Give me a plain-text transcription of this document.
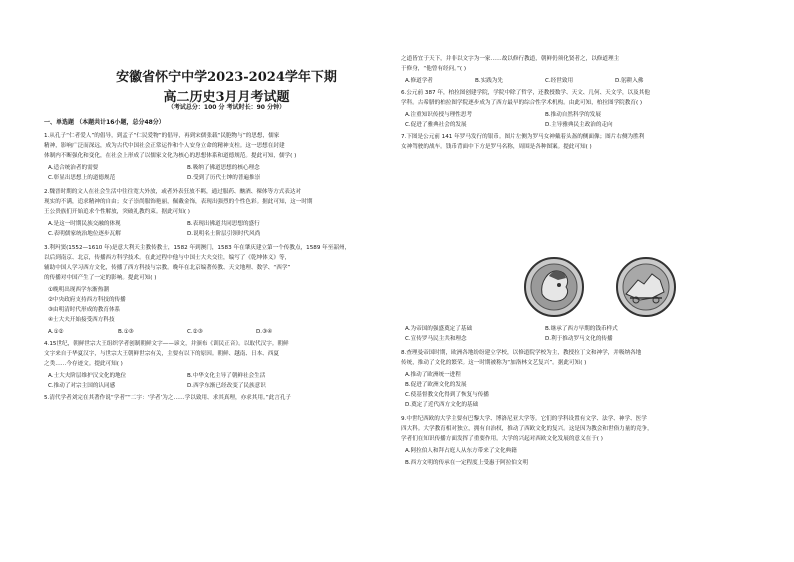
安徽省怀宁中学2023-2024学年下期
高二历史3月月考试题
（考试总分：100 分 考试时长：90 分钟）
一、单选题 （本题共计16小题，总分48分）
1.从孔子“仁者爱人”的倡导，到孟子“仁民爱物”的倡导，再到宋儒张载“民胞物与”的思想，儒家
精神，影响广泛而深远，成为古代中国社会正常运作和个人安身立命的精神支柱。这一思想在封建
体制内不断强化和变化，在社会上形成了以儒家文化为核心的思想体系和道德规范。提此可知，儒学( )
A.适合统治者的需要	B.吸纳了佛道思想的核心理念
C.彰显出思想上的道德规范	D.受到了历代士绅的普遍推崇
2.魏晋时期的文人在社会生活中往往宽大外放，或者外表狂放不羁，通过服药、酗酒、裸体等方式表达对
现实的不满，追求精神的自由；女子崇尚服饰艳丽，佩戴金饰，表现出强烈的个性色彩。据此可知，这一时期
王公贵族们开始追求个性解放，突破礼教约束。据此可知( )
A.是这一时期民族交融的体现	B.表现出佛道共同思想的盛行
C.表明儒家统治地位逐步瓦解	D.说明名士阶层引领时代风尚
3.利玛窦(1552—1610 年)是意大利天主教传教士，1582 年到澳门，1583 年在肇庆建立第一个传教点，1589 年至韶州，
以后到南京、北京，传播西方科学技术。在此过程中他与中国士大夫交往，编写了《乾坤体义》等，
辅助中国人学习西方文化，传播了西方科技与宗教。晚年在北京编著传教、天文地理、数学、“西学”
的传播对中国产生了一定的影响。提此可知( )
①晚明出现西学东渐热潮
②中央政府支持西方科技的传播
③由明清时代形成的教育体系
④士大夫开始接受西方科技
A.①②	B.①③	C.②③	D.③④
4.15世纪，朝鲜世宗大王组织学者创制朝鲜文字——谚文，并颁布《训民正音》。以取代汉字。朝鲜
文字来自于华夏汉字，与世宗大王朝鲜世宗有关，主要有以下的原因。朝鲜、越南、日本、西夏
之类……今存迹文。提此可知( )
A.士大夫阶层维护汉文化的地位	B.中华文化主导了朝鲜社会生活
C.推动了对宗主国的认同感	D.西学东渐已经改变了民族意识
5.清代学者刘完在其著作说“学者”“二字：‘学者’为之……学以致用、求其真理，亦求其用。”此言孔子
之道皆宜于天下，并非以文字为一家……故以修行教道，朝鲜仍须化贤者之，以修道理主
于修身，“他曾有经问。”( )
A.修道学者	B.实践为先	C.经世致用	D.躬耕入佛
6.公元前 387 年，柏拉图创建学院，学院中除了哲学，还教授数学、天文、几何、天文学，以及其他
学科。古希腊的柏拉图学院逐步成为了西方最早的综合性学术机构。由此可知，柏拉图学院教育( )
A.注重知识传授与理性思考	B.推动自然科学的发展
C.促进了雅典社会的发展	D.主导雅典民主政治的走向
7.下图是公元前 141 年罗马发行的银币。图片左侧为罗马女神戴着头盔的侧面像；图片右侧为胜利
女神驾驶的战车。钱币背面中下方是罗马名称，周围是各种图案。提此可知( )
A.为帝国的强盛奠定了基础	B.继承了西方早期的钱币样式
C.宣传罗马民主共和理念	D.利于推动罗马文化的传播
8.查理曼帝国时期，欧洲各地纷纷建立学校，以修道院学校为主，教授拉丁文和神学，并吸纳各地
传统，推动了文化的繁荣。这一时期被称为“加洛林文艺复兴”。据此可知( )
A.推动了欧洲统一进程
B.促进了欧洲文化的发展
C.使基督教文化得到了恢复与传播
D.奠定了近代西方文化的基础
9.中世纪西欧的大学主要有巴黎大学、博洛尼亚大学等。它们的学科设置有文学、法学、神学、医学
四大科。大学教育相对独立，拥有自治权，推动了西欧文化的复兴。这是因为教会和世俗力量的竞争，
学者们在知识传播方面发挥了重要作用。大学的兴起对西欧文化发展的意义在于( )
A.阿拉伯人和拜占庭人从东方带来了文化典籍
B.西方文明的传承在一定程度上受惠于阿拉伯文明
